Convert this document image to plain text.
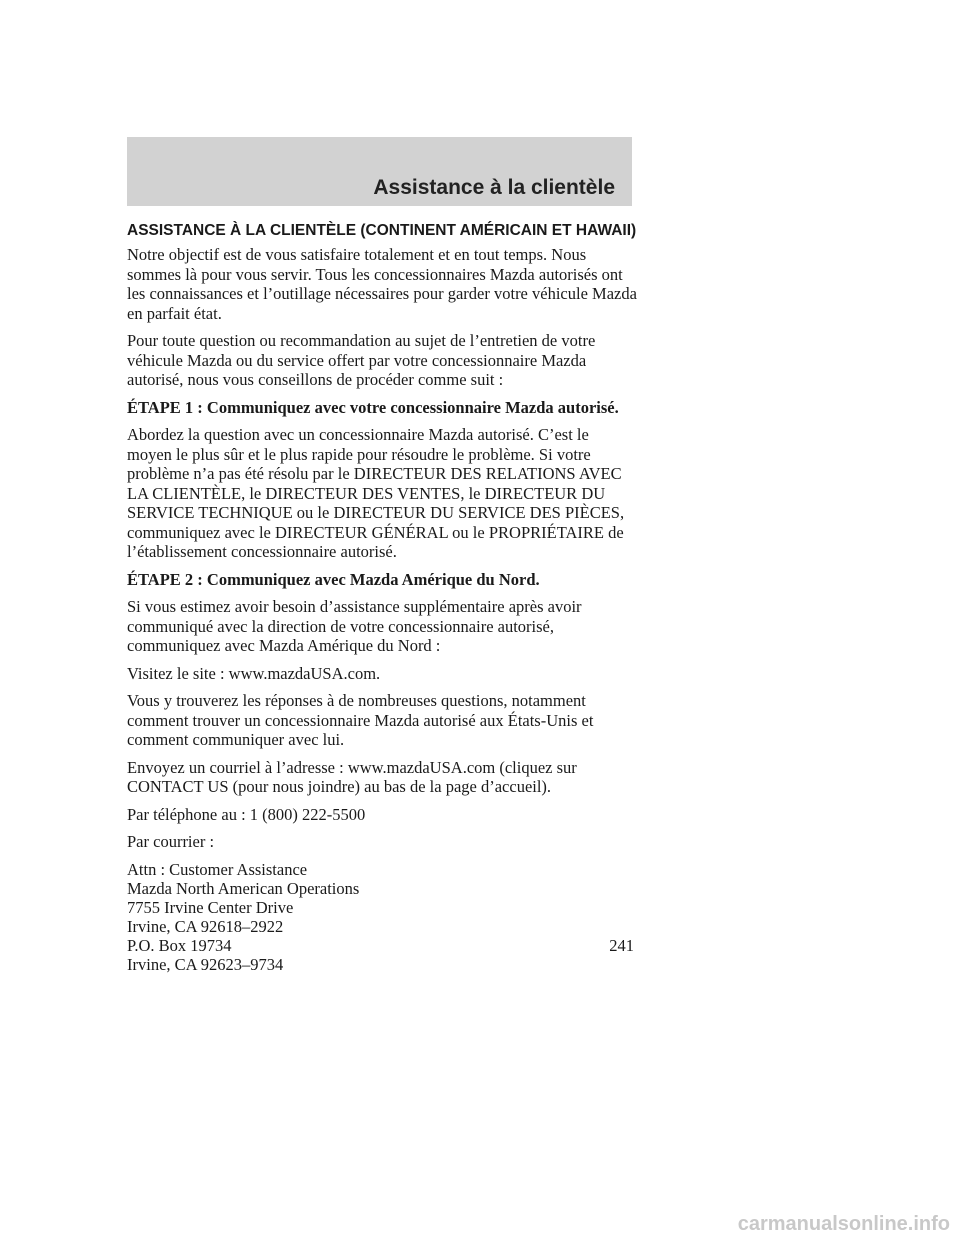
Assistance à la clientèle
ASSISTANCE À LA CLIENTÈLE (CONTINENT AMÉRICAIN ET HAWAII)

Notre objectif est de vous satisfaire totalement et en tout temps. Nous sommes là pour vous servir. Tous les concessionnaires Mazda autorisés ont les connaissances et l’outillage nécessaires pour garder votre véhicule Mazda en parfait état.

Pour toute question ou recommandation au sujet de l’entretien de votre véhicule Mazda ou du service offert par votre concessionnaire Mazda autorisé, nous vous conseillons de procéder comme suit :

ÉTAPE 1 : Communiquez avec votre concessionnaire Mazda autorisé.

Abordez la question avec un concessionnaire Mazda autorisé. C’est le moyen le plus sûr et le plus rapide pour résoudre le problème. Si votre problème n’a pas été résolu par le DIRECTEUR DES RELATIONS AVEC LA CLIENTÈLE, le DIRECTEUR DES VENTES, le DIRECTEUR DU SERVICE TECHNIQUE ou le DIRECTEUR DU SERVICE DES PIÈCES, communiquez avec le DIRECTEUR GÉNÉRAL ou le PROPRIÉTAIRE de l’établissement concessionnaire autorisé.

ÉTAPE 2 : Communiquez avec Mazda Amérique du Nord.

Si vous estimez avoir besoin d’assistance supplémentaire après avoir communiqué avec la direction de votre concessionnaire autorisé, communiquez avec Mazda Amérique du Nord :

Visitez le site : www.mazdaUSA.com.

Vous y trouverez les réponses à de nombreuses questions, notamment comment trouver un concessionnaire Mazda autorisé aux États-Unis et comment communiquer avec lui.

Envoyez un courriel à l’adresse : www.mazdaUSA.com (cliquez sur CONTACT US (pour nous joindre) au bas de la page d’accueil).

Par téléphone au : 1 (800) 222-5500

Par courrier :

Attn : Customer Assistance
Mazda North American Operations
7755 Irvine Center Drive
Irvine, CA 92618–2922
P.O. Box 19734
Irvine, CA 92623–9734
241
carmanualsonline.info
